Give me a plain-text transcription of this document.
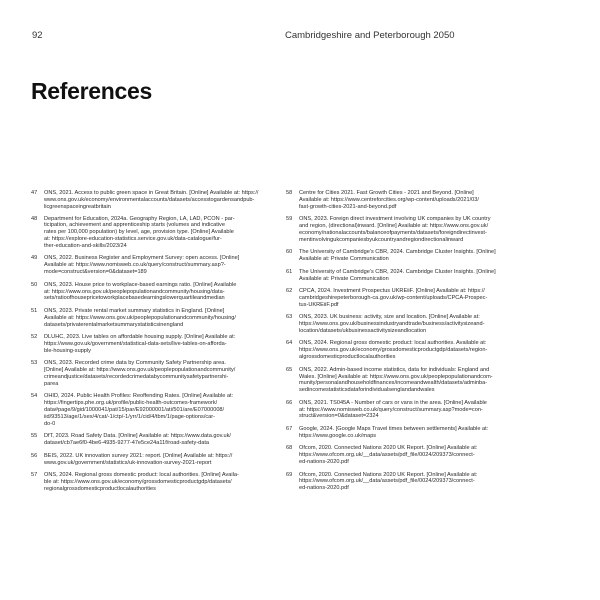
92	Cambridgeshire and Peterborough 2050
References
47	ONS, 2021. Access to public green space in Great Britain. [Online] Available at: https://
www.ons.gov.uk/economy/environmentalaccounts/datasets/accesstogardensandpub-
licgreenspaceingreatbritain
48	Department for Education, 2024a. Geography Region, LA, LAD, PCON - par-
ticipation, achievement and apprenticeship starts (volumes and indicative
rates per 100,000 population) by level, age, provision type. [Online] Available
at: https://explore-education-statistics.service.gov.uk/data-catalogue/fur-
ther-education-and-skills/2023/24
49	ONS, 2022. Business Register and Employment Survey: open access. [Online]
Available at: https://www.nomisweb.co.uk/query/construct/summary.asp?-
mode=construct&version=0&dataset=189
50	ONS, 2023. House price to workplace-based earnings ratio. [Online] Available
at: https://www.ons.gov.uk/peoplepopulationandcommunity/housing/data-
sets/ratioofhousepricetoworkplacebasedearningslowerquartileandmedian
51	ONS, 2023. Private rental market summary statistics in England. [Online]
Available at: https://www.ons.gov.uk/peoplepopulationandcommunity/housing/
datasets/privaterentalmarketsummarystatisticsinengland
52	DLUHC, 2023. Live tables on affordable housing supply. [Online] Available at:
https://www.gov.uk/government/statistical-data-sets/live-tables-on-afforda-
ble-housing-supply
53	ONS, 2023. Recorded crime data by Community Safety Partnership area.
[Online] Available at: https://www.ons.gov.uk/peoplepopulationandcommunity/
crimeandjustice/datasets/recordedcrimedatabycommunitysafetypartnershi-
parea
54	OHID, 2024. Public Health Profiles: Reoffending Rates. [Online] Available at:
https://fingertips.phe.org.uk/profile/public-health-outcomes-framework/
data#page/9/gid/1000041/pat/15/par/E92000001/ati/501/are/E07000008/
iid/93513/age/1/sex/4/cat/-1/ctp/-1/yrr/1/cid/4/tbm/1/page-options/car-
do-0
55	DfT, 2023. Road Safety Data. [Online] Available at: https://www.data.gov.uk/
dataset/cb7ae6f0-4be6-4935-9277-47e5ce24a11f/road-safety-data
56	BEIS, 2022. UK innovation survey 2021: report. [Online] Available at: https://
www.gov.uk/government/statistics/uk-innovation-survey-2021-report
57	ONS, 2024. Regional gross domestic product: local authorities. [Online] Availa-
ble at: https://www.ons.gov.uk/economy/grossdomesticproductgdp/datasets/
regionalgrossdomesticproductlocalauthorities
58	Centre for Cities 2021. Fast Growth Cities - 2021 and Beyond. [Online]
Available at: https://www.centreforcities.org/wp-content/uploads/2021/03/
fast-growth-cities-2021-and-beyond.pdf
59	ONS, 2023. Foreign direct investment involving UK companies by UK country
and region, (directional)inward. [Online] Available at: https://www.ons.gov.uk/
economy/nationalaccounts/balanceofpayments/datasets/foreigndirectinvest-
mentinvolvingukcompaniesbyukcountryandregiondirectionalinward
60	The University of Cambridge's CBR, 2024. Cambridge Cluster Insights. [Online]
Available at: Private Communication
61	The University of Cambridge's CBR, 2024. Cambridge Cluster Insights. [Online]
Available at: Private Communication
62	CPCA, 2024. Investment Prospectus UKREiiF. [Online] Available at: https://
cambridgeshirepeterborough-ca.gov.uk/wp-content/uploads/CPCA-Prospec-
tus-UKREiiF.pdf
63	ONS, 2023. UK business: activity, size and location. [Online] Available at:
https://www.ons.gov.uk/businessindustryandtrade/business/activitysizeand-
location/datasets/ukbusinessactivitysizeandlocation
64	ONS, 2024. Regional gross domestic product: local authorities. Available at:
https://www.ons.gov.uk/economy/grossdomesticproductgdp/datasets/region-
algrossdomesticproductlocalauthorities
65	ONS, 2022. Admin-based income statistics, data for individuals: England and
Wales. [Online] Available at: https://www.ons.gov.uk/peoplepopulationandcom-
munity/personalandhouseholdfinances/incomeandwealth/datasets/adminba-
sedincomestatisticsdataforindividualsenglandandwales
66	ONS, 2021. TS045A - Number of cars or vans in the area. [Online] Available
at: https://www.nomisweb.co.uk/query/construct/summary.asp?mode=con-
struct&version=0&dataset=2324
67	Google, 2024. [Google Maps Travel times between settlements] Available at:
https://www.google.co.uk/maps
68	Ofcom, 2020. Connected Nations 2020 UK Report. [Online] Available at:
https://www.ofcom.org.uk/__data/assets/pdf_file/0024/209373/connect-
ed-nations-2020.pdf
69	Ofcom, 2020. Connected Nations 2020 UK Report. [Online] Available at:
https://www.ofcom.org.uk/__data/assets/pdf_file/0024/209373/connect-
ed-nations-2020.pdf
